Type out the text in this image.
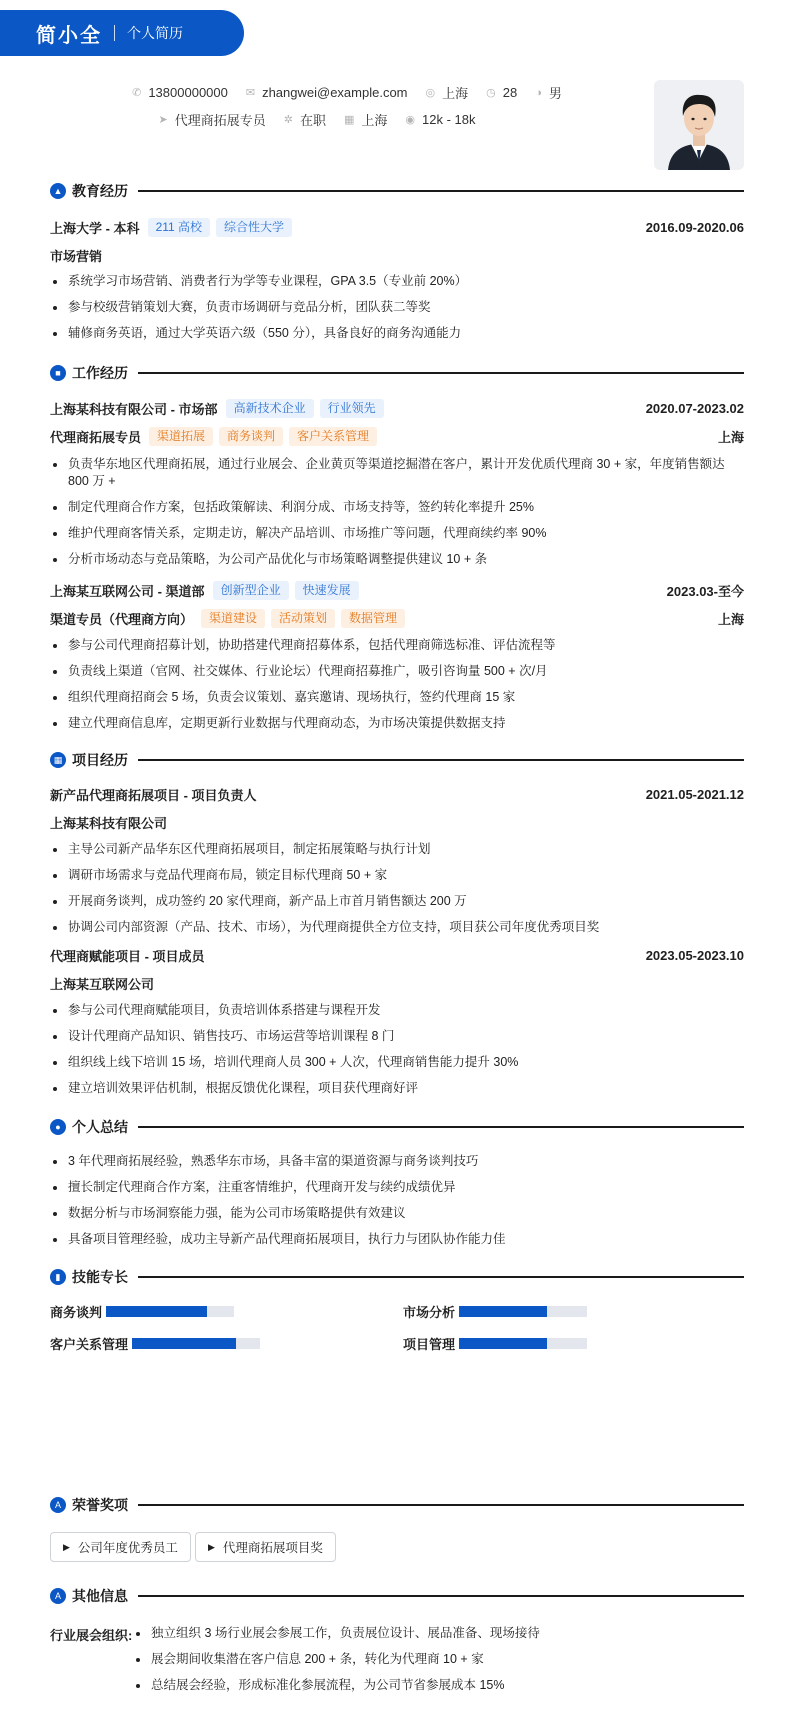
简小全 个人简历
✆ 13800000000 ✉ zhangwei@example.com ◎ 上海 ◷ 28 ◑ 男
➤ 代理商拓展专员 ✲ 在职 ▦ 上海 ◉ 12k - 18k
▲ 教育经历
上海大学 - 本科	211 高校	综合性大学	2016.09-2020.06
市场营销
系统学习市场营销、消费者行为学等专业课程，GPA 3.5（专业前 20%）
参与校级营销策划大赛，负责市场调研与竞品分析，团队获二等奖
辅修商务英语，通过大学英语六级（550 分），具备良好的商务沟通能力
■ 工作经历
上海某科技有限公司 - 市场部	高新技术企业	行业领先	2020.07-2023.02
代理商拓展专员	渠道拓展	商务谈判	客户关系管理	上海
负责华东地区代理商拓展，通过行业展会、企业黄页等渠道挖掘潜在客户，累计开发优质代理商 30 + 家，年度销售额达 800 万 +
制定代理商合作方案，包括政策解读、利润分成、市场支持等，签约转化率提升 25%
维护代理商客情关系，定期走访，解决产品培训、市场推广等问题，代理商续约率 90%
分析市场动态与竞品策略，为公司产品优化与市场策略调整提供建议 10 + 条
上海某互联网公司 - 渠道部	创新型企业	快速发展	2023.03-至今
渠道专员（代理商方向）	渠道建设	活动策划	数据管理	上海
参与公司代理商招募计划，协助搭建代理商招募体系，包括代理商筛选标准、评估流程等
负责线上渠道（官网、社交媒体、行业论坛）代理商招募推广，吸引咨询量 500 + 次/月
组织代理商招商会 5 场，负责会议策划、嘉宾邀请、现场执行，签约代理商 15 家
建立代理商信息库，定期更新行业数据与代理商动态，为市场决策提供数据支持
▦ 项目经历
新产品代理商拓展项目 - 项目负责人	2021.05-2021.12
上海某科技有限公司
主导公司新产品华东区代理商拓展项目，制定拓展策略与执行计划
调研市场需求与竞品代理商布局，锁定目标代理商 50 + 家
开展商务谈判，成功签约 20 家代理商，新产品上市首月销售额达 200 万
协调公司内部资源（产品、技术、市场），为代理商提供全方位支持，项目获公司年度优秀项目奖
代理商赋能项目 - 项目成员	2023.05-2023.10
上海某互联网公司
参与公司代理商赋能项目，负责培训体系搭建与课程开发
设计代理商产品知识、销售技巧、市场运营等培训课程 8 门
组织线上线下培训 15 场，培训代理商人员 300 + 人次，代理商销售能力提升 30%
建立培训效果评估机制，根据反馈优化课程，项目获代理商好评
● 个人总结
3 年代理商拓展经验，熟悉华东市场，具备丰富的渠道资源与商务谈判技巧
擅长制定代理商合作方案，注重客情维护，代理商开发与续约成绩优异
数据分析与市场洞察能力强，能为公司市场策略提供有效建议
具备项目管理经验，成功主导新产品代理商拓展项目，执行力与团队协作能力佳
▮ 技能专长
商务谈判	市场分析
客户关系管理	项目管理
A 荣誉奖项
▶ 公司年度优秀员工	▶ 代理商拓展项目奖
A 其他信息
行业展会组织:	独立组织 3 场行业展会参展工作，负责展位设计、展品准备、现场接待
展会期间收集潜在客户信息 200 + 条，转化为代理商 10 + 家
总结展会经验，形成标准化参展流程，为公司节省参展成本 15%
